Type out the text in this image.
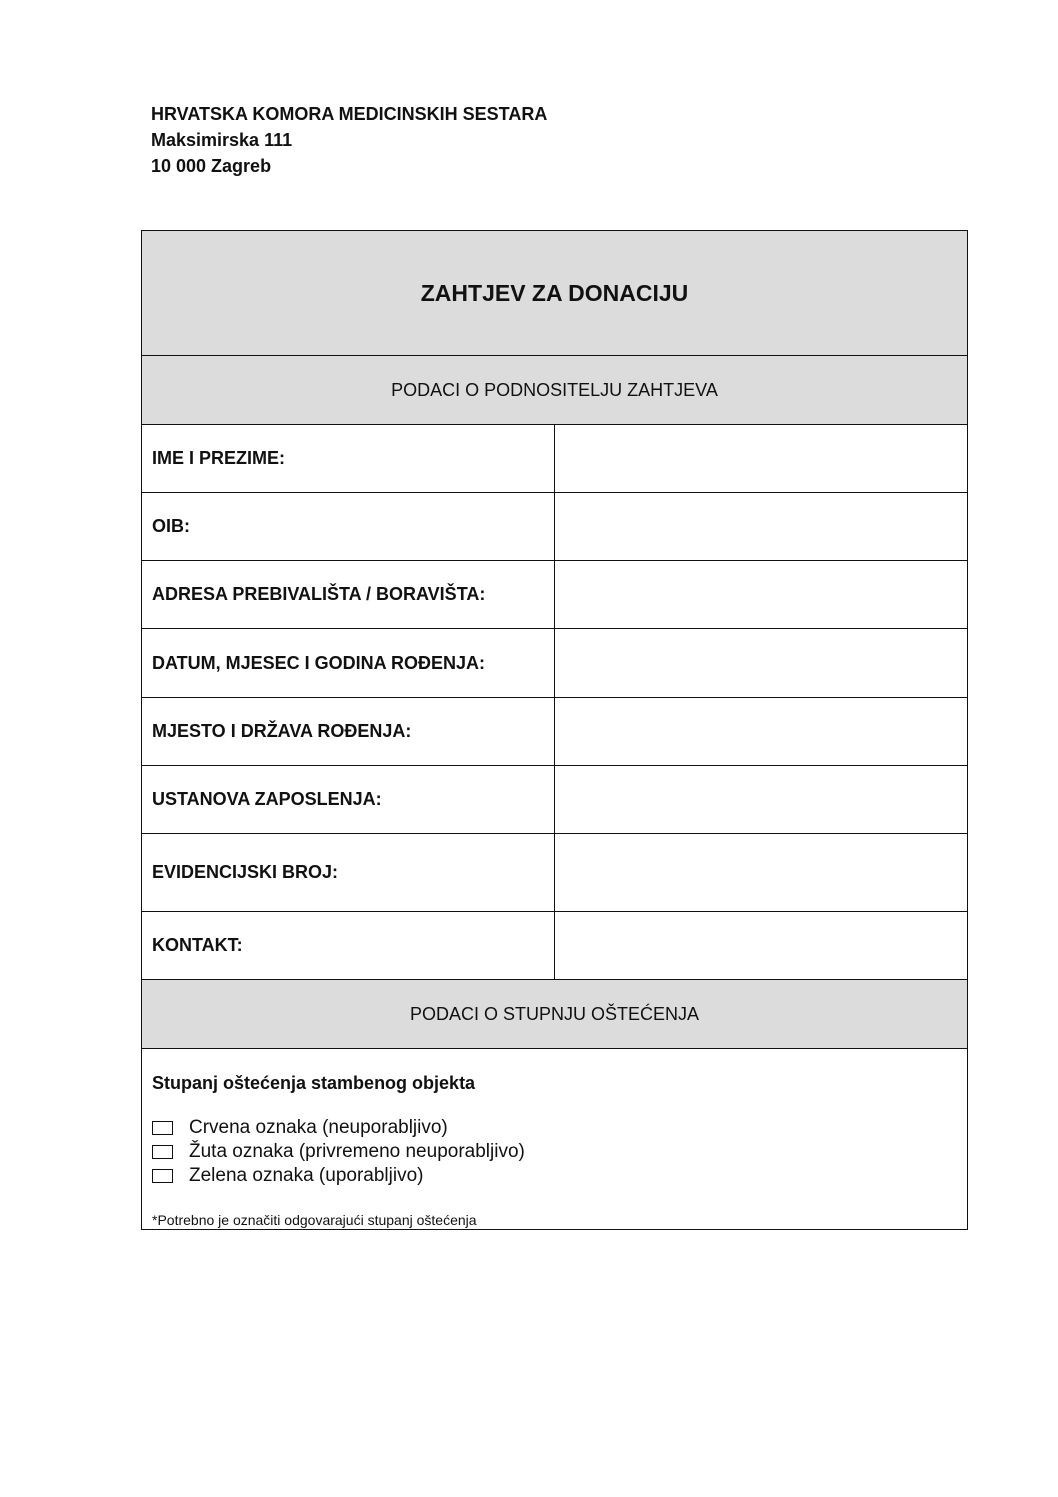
HRVATSKA KOMORA MEDICINSKIH SESTARA
Maksimirska 111
10 000 Zagreb
ZAHTJEV ZA DONACIJU
PODACI O PODNOSITELJU ZAHTJEVA
IME I PREZIME:
OIB:
ADRESA PREBIVALIŠTA / BORAVIŠTA:
DATUM, MJESEC I GODINA ROĐENJA:
MJESTO I DRŽAVA ROĐENJA:
USTANOVA ZAPOSLENJA:
EVIDENCIJSKI BROJ:
KONTAKT:
PODACI O STUPNJU OŠTEĆENJA
Stupanj oštećenja stambenog objekta
Crvena oznaka (neuporabljivo)
Žuta oznaka (privremeno neuporabljivo)
Zelena oznaka (uporabljivo)
*Potrebno je označiti odgovarajući stupanj oštećenja
